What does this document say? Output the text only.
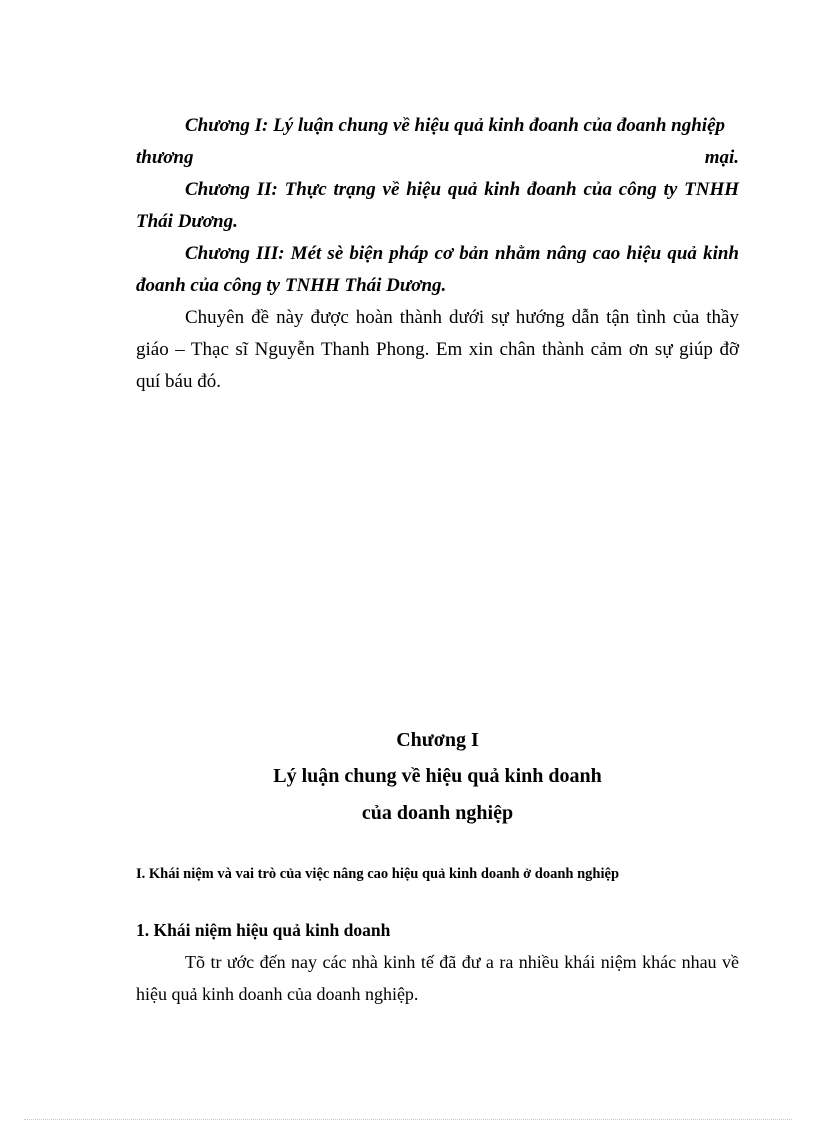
Chương I: Lý luận chung về hiệu quả kinh đoanh của đoanh nghiệp

thương	mại.

Chương II: Thực trạng về hiệu quả kinh đoanh của công ty TNHH Thái Dương.

Chương III: Mét sè biện pháp cơ bản nhằm nâng cao hiệu quả kinh đoanh của công ty TNHH Thái Dương.

Chuyên đề này được hoàn thành dưới sự hướng dẫn tận tình của thầy giáo – Thạc sĩ Nguyễn Thanh Phong. Em xin chân thành cảm ơn sự giúp đỡ quí báu đó.

Chương I
Lý luận chung về hiệu quả kinh doanh
của doanh nghiệp
I. Khái niệm và vai trò của việc nâng cao hiệu quả kinh doanh ở doanh nghiệp
1. Khái niệm hiệu quả kinh doanh

Tõ tr ước đến nay các nhà kinh tế đã đư a ra nhiều khái niệm khác nhau về hiệu quả kinh doanh của doanh nghiệp.
